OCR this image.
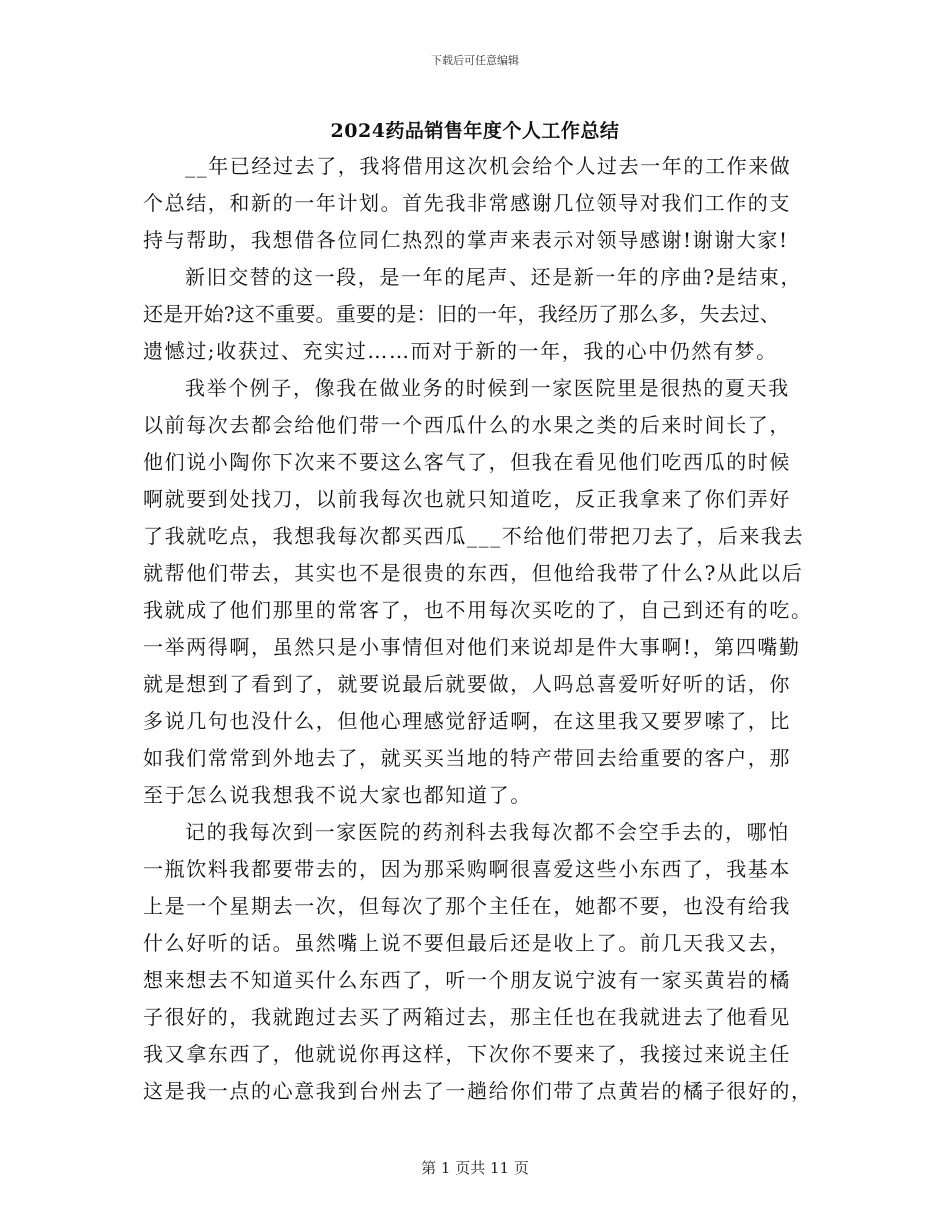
下载后可任意编辑
2024药品销售年度个人工作总结
__年已经过去了，我将借用这次机会给个人过去一年的工作来做
个总结，和新的一年计划。首先我非常感谢几位领导对我们工作的支
持与帮助，我想借各位同仁热烈的掌声来表示对领导感谢!谢谢大家!
新旧交替的这一段，是一年的尾声、还是新一年的序曲?是结束，
还是开始?这不重要。重要的是：旧的一年，我经历了那么多，失去过、
遗憾过;收获过、充实过……而对于新的一年，我的心中仍然有梦。
我举个例子，像我在做业务的时候到一家医院里是很热的夏天我
以前每次去都会给他们带一个西瓜什么的水果之类的后来时间长了，
他们说小陶你下次来不要这么客气了，但我在看见他们吃西瓜的时候
啊就要到处找刀，以前我每次也就只知道吃，反正我拿来了你们弄好
了我就吃点，我想我每次都买西瓜___不给他们带把刀去了，后来我去
就帮他们带去，其实也不是很贵的东西，但他给我带了什么?从此以后
我就成了他们那里的常客了，也不用每次买吃的了，自己到还有的吃。
一举两得啊，虽然只是小事情但对他们来说却是件大事啊!，第四嘴勤
就是想到了看到了，就要说最后就要做，人吗总喜爱听好听的话，你
多说几句也没什么，但他心理感觉舒适啊，在这里我又要罗嗦了，比
如我们常常到外地去了，就买买当地的特产带回去给重要的客户，那
至于怎么说我想我不说大家也都知道了。
记的我每次到一家医院的药剂科去我每次都不会空手去的，哪怕
一瓶饮料我都要带去的，因为那采购啊很喜爱这些小东西了，我基本
上是一个星期去一次，但每次了那个主任在，她都不要，也没有给我
什么好听的话。虽然嘴上说不要但最后还是收上了。前几天我又去，
想来想去不知道买什么东西了，听一个朋友说宁波有一家买黄岩的橘
子很好的，我就跑过去买了两箱过去，那主任也在我就进去了他看见
我又拿东西了，他就说你再这样，下次你不要来了，我接过来说主任
这是我一点的心意我到台州去了一趟给你们带了点黄岩的橘子很好的，
第 1 页共 11 页
